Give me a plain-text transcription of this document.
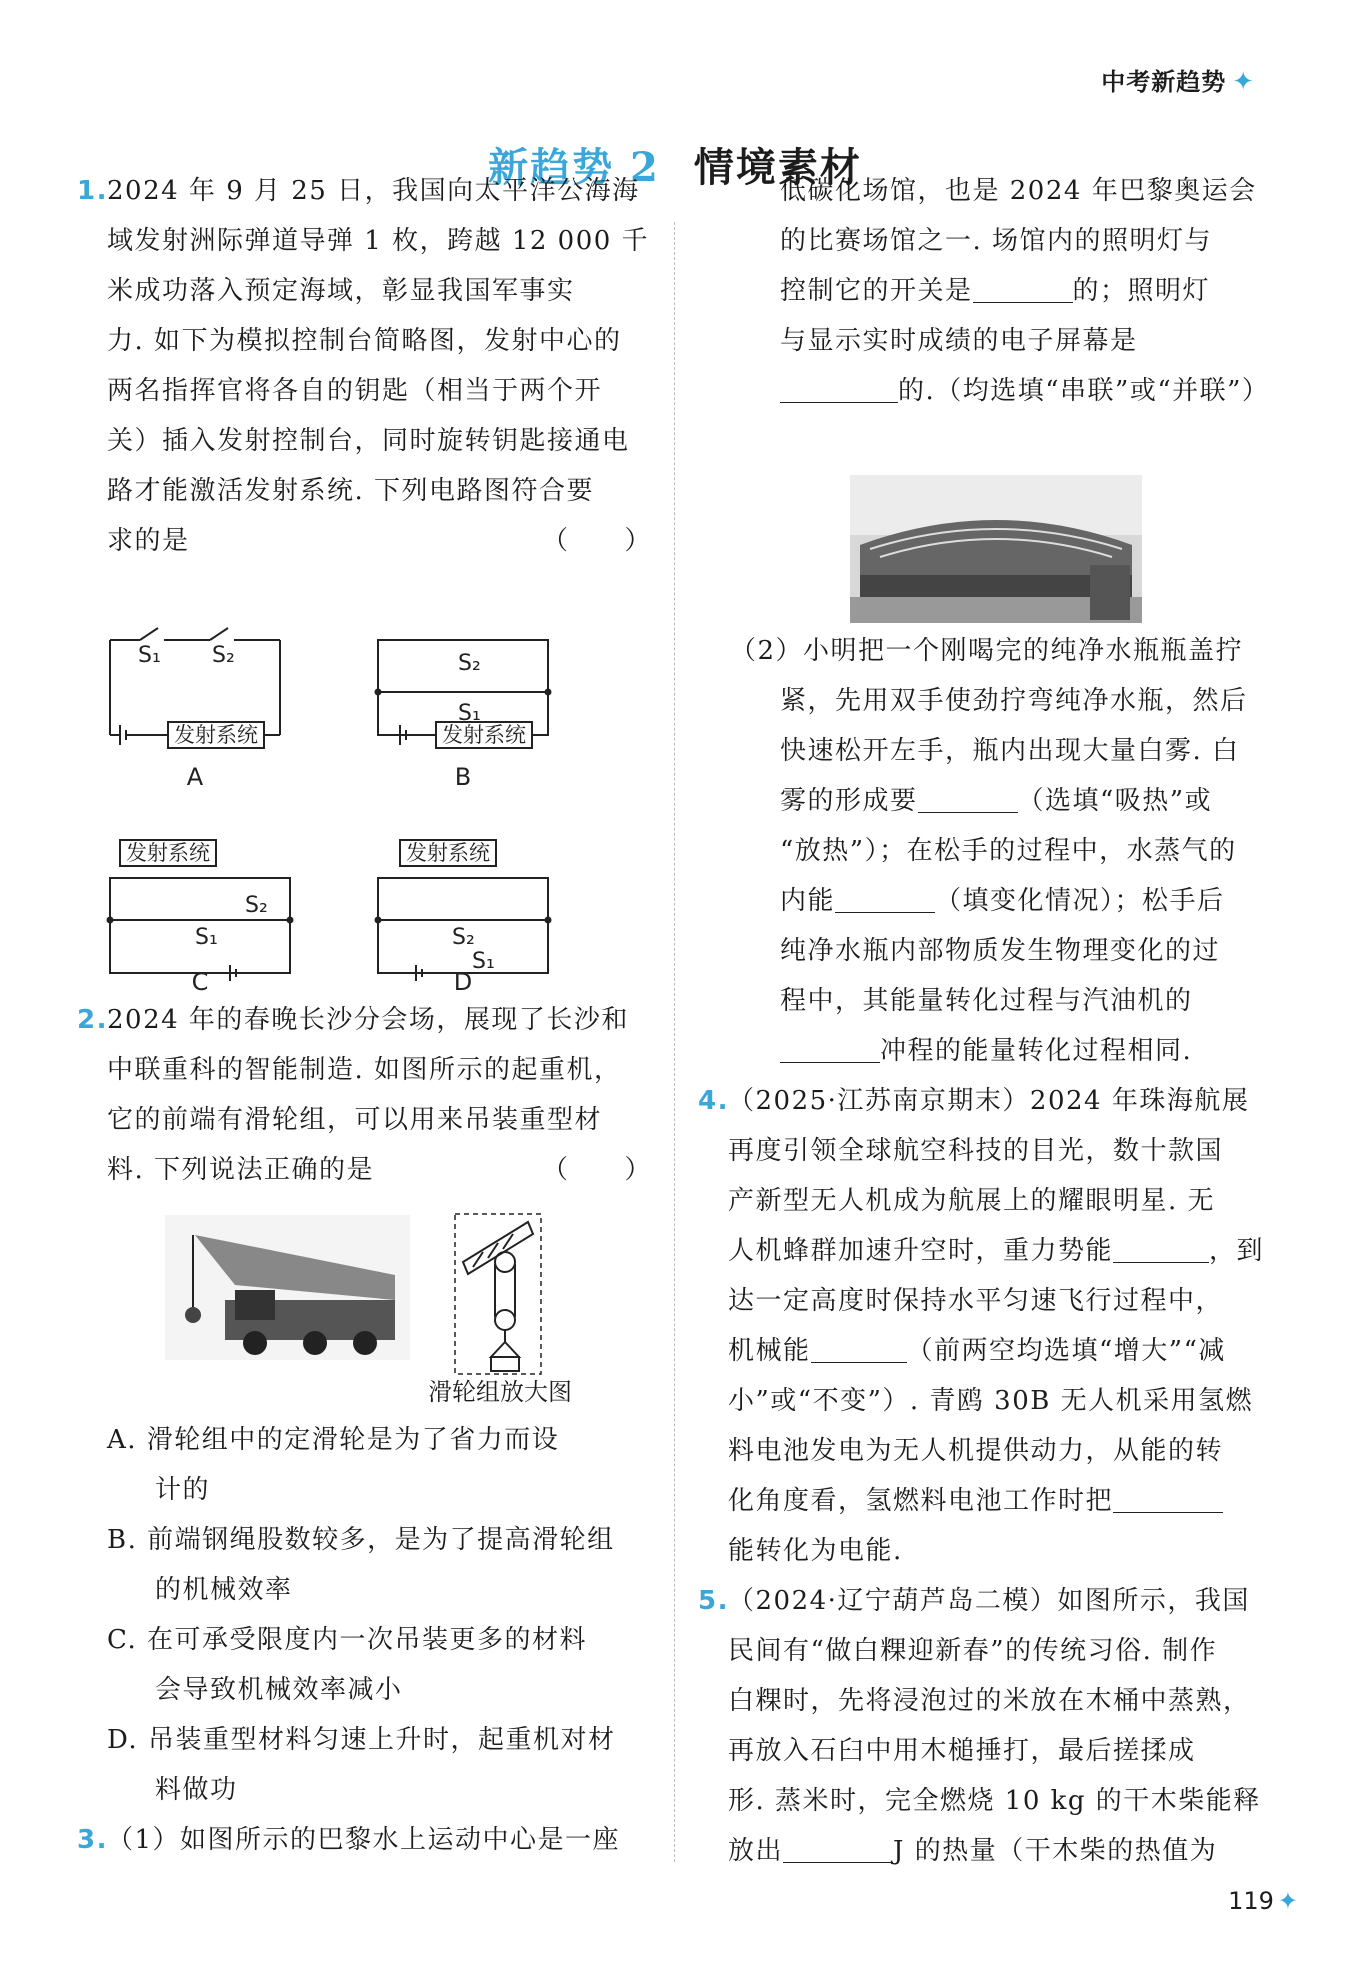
中考新趋势 ✦
新趋势 2 情境素材

1.2024 年 9 月 25 日，我国向太平洋公海海

域发射洲际弹道导弹 1 枚，跨越 12 000 千

米成功落入预定海域，彰显我国军事实

力. 如下为模拟控制台简略图，发射中心的

两名指挥官将各自的钥匙（相当于两个开

关）插入发射控制台，同时旋转钥匙接通电

路才能激活发射系统. 下列电路图符合要

求的是	（　　）

S₁ S₂	S₂
S₁
S₂
S₁	S₂
S₁
发射系统	发射系统
发射系统	发射系统
A	B
C	D

2.2024 年的春晚长沙分会场，展现了长沙和

中联重科的智能制造. 如图所示的起重机，

它的前端有滑轮组，可以用来吊装重型材

料. 下列说法正确的是	（　　）

滑轮组放大图

A. 滑轮组中的定滑轮是为了省力而设
计的

B. 前端钢绳股数较多，是为了提高滑轮组
的机械效率

C. 在可承受限度内一次吊装更多的材料
会导致机械效率减小

D. 吊装重型材料匀速上升时，起重机对材
料做功

3.（1）如图所示的巴黎水上运动中心是一座

低碳化场馆，也是 2024 年巴黎奥运会

的比赛场馆之一. 场馆内的照明灯与

控制它的开关是	的；照明灯

与显示实时成绩的电子屏幕是

的.（均选填“串联”或“并联”）

（2）小明把一个刚喝完的纯净水瓶瓶盖拧

紧，先用双手使劲拧弯纯净水瓶，然后

快速松开左手，瓶内出现大量白雾. 白

雾的形成要	（选填“吸热”或

“放热”）；在松手的过程中，水蒸气的

内能	（填变化情况）；松手后

纯净水瓶内部物质发生物理变化的过

程中，其能量转化过程与汽油机的

冲程的能量转化过程相同.

4.（2025·江苏南京期末）2024 年珠海航展

再度引领全球航空科技的目光，数十款国

产新型无人机成为航展上的耀眼明星. 无

人机蜂群加速升空时，重力势能	，到

达一定高度时保持水平匀速飞行过程中，

机械能	（前两空均选填“增大”“减

小”或“不变”）. 青鸥 30B 无人机采用氢燃

料电池发电为无人机提供动力，从能的转

化角度看，氢燃料电池工作时把

能转化为电能.

5.（2024·辽宁葫芦岛二模）如图所示，我国

民间有“做白粿迎新春”的传统习俗. 制作

白粿时，先将浸泡过的米放在木桶中蒸熟，

再放入石臼中用木槌捶打，最后搓揉成

形. 蒸米时，完全燃烧 10 kg 的干木柴能释

放出	J 的热量（干木柴的热值为

119 ✦
